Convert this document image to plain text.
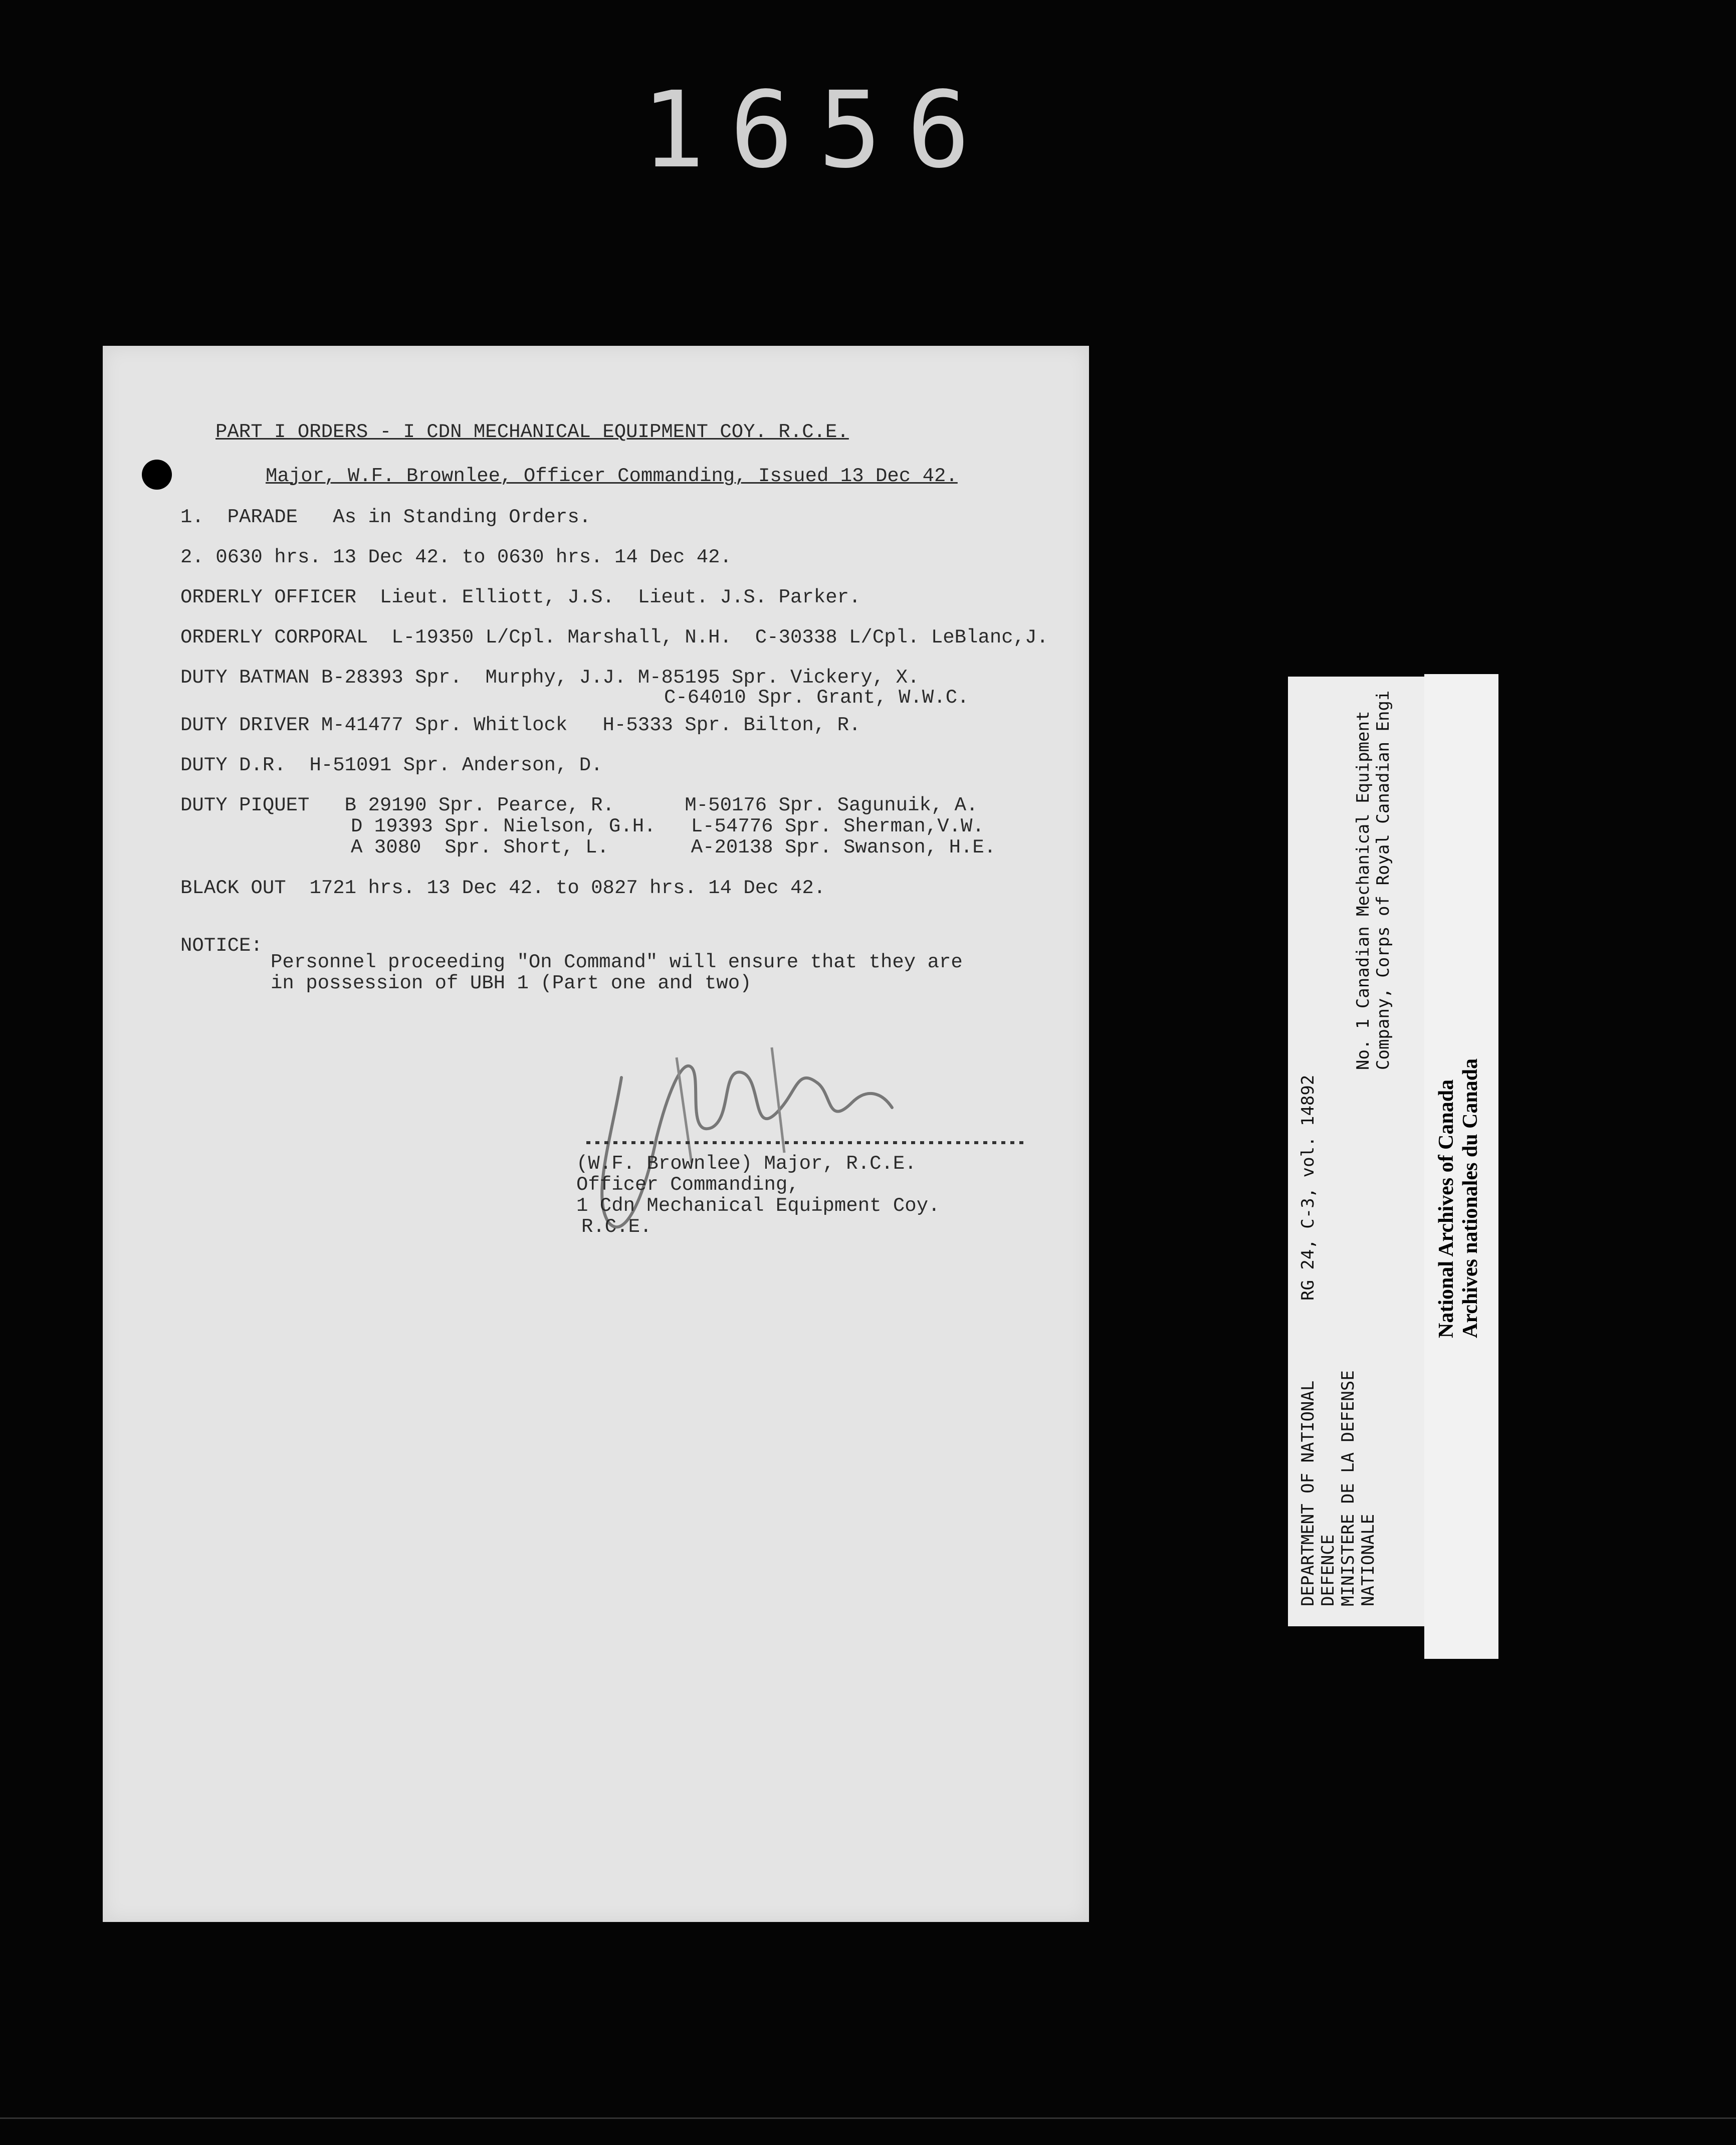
1656
PART I ORDERS - I CDN MECHANICAL EQUIPMENT COY. R.C.E.
Major, W.F. Brownlee, Officer Commanding, Issued 13 Dec 42.
1.  PARADE   As in Standing Orders.
2. 0630 hrs. 13 Dec 42. to 0630 hrs. 14 Dec 42.
ORDERLY OFFICER  Lieut. Elliott, J.S.  Lieut. J.S. Parker.
ORDERLY CORPORAL  L-19350 L/Cpl. Marshall, N.H.  C-30338 L/Cpl. LeBlanc,J.
DUTY BATMAN B-28393 Spr.  Murphy, J.J. M-85195 Spr. Vickery, X.
C-64010 Spr. Grant, W.W.C.
DUTY DRIVER M-41477 Spr. Whitlock   H-5333 Spr. Bilton, R.
DUTY D.R.  H-51091 Spr. Anderson, D.
DUTY PIQUET   B 29190 Spr. Pearce, R.      M-50176 Spr. Sagunuik, A.
D 19393 Spr. Nielson, G.H.   L-54776 Spr. Sherman,V.W.
A 3080  Spr. Short, L.       A-20138 Spr. Swanson, H.E.
BLACK OUT  1721 hrs. 13 Dec 42. to 0827 hrs. 14 Dec 42.
NOTICE:
Personnel proceeding "On Command" will ensure that they are
in possession of UBH 1 (Part one and two)
(W.F. Brownlee) Major, R.C.E.
Officer Commanding,
1 Cdn Mechanical Equipment Coy.
R.C.E.
DEPARTMENT OF NATIONAL DEFENCE MINISTERE DE LA DEFENSE NATIONALE
RG 24, C-3, vol. 14892
No. 1 Canadian Mechanical Equipment Company, Corps of Royal Canadian Engi
National Archives of Canada Archives nationales du Canada
